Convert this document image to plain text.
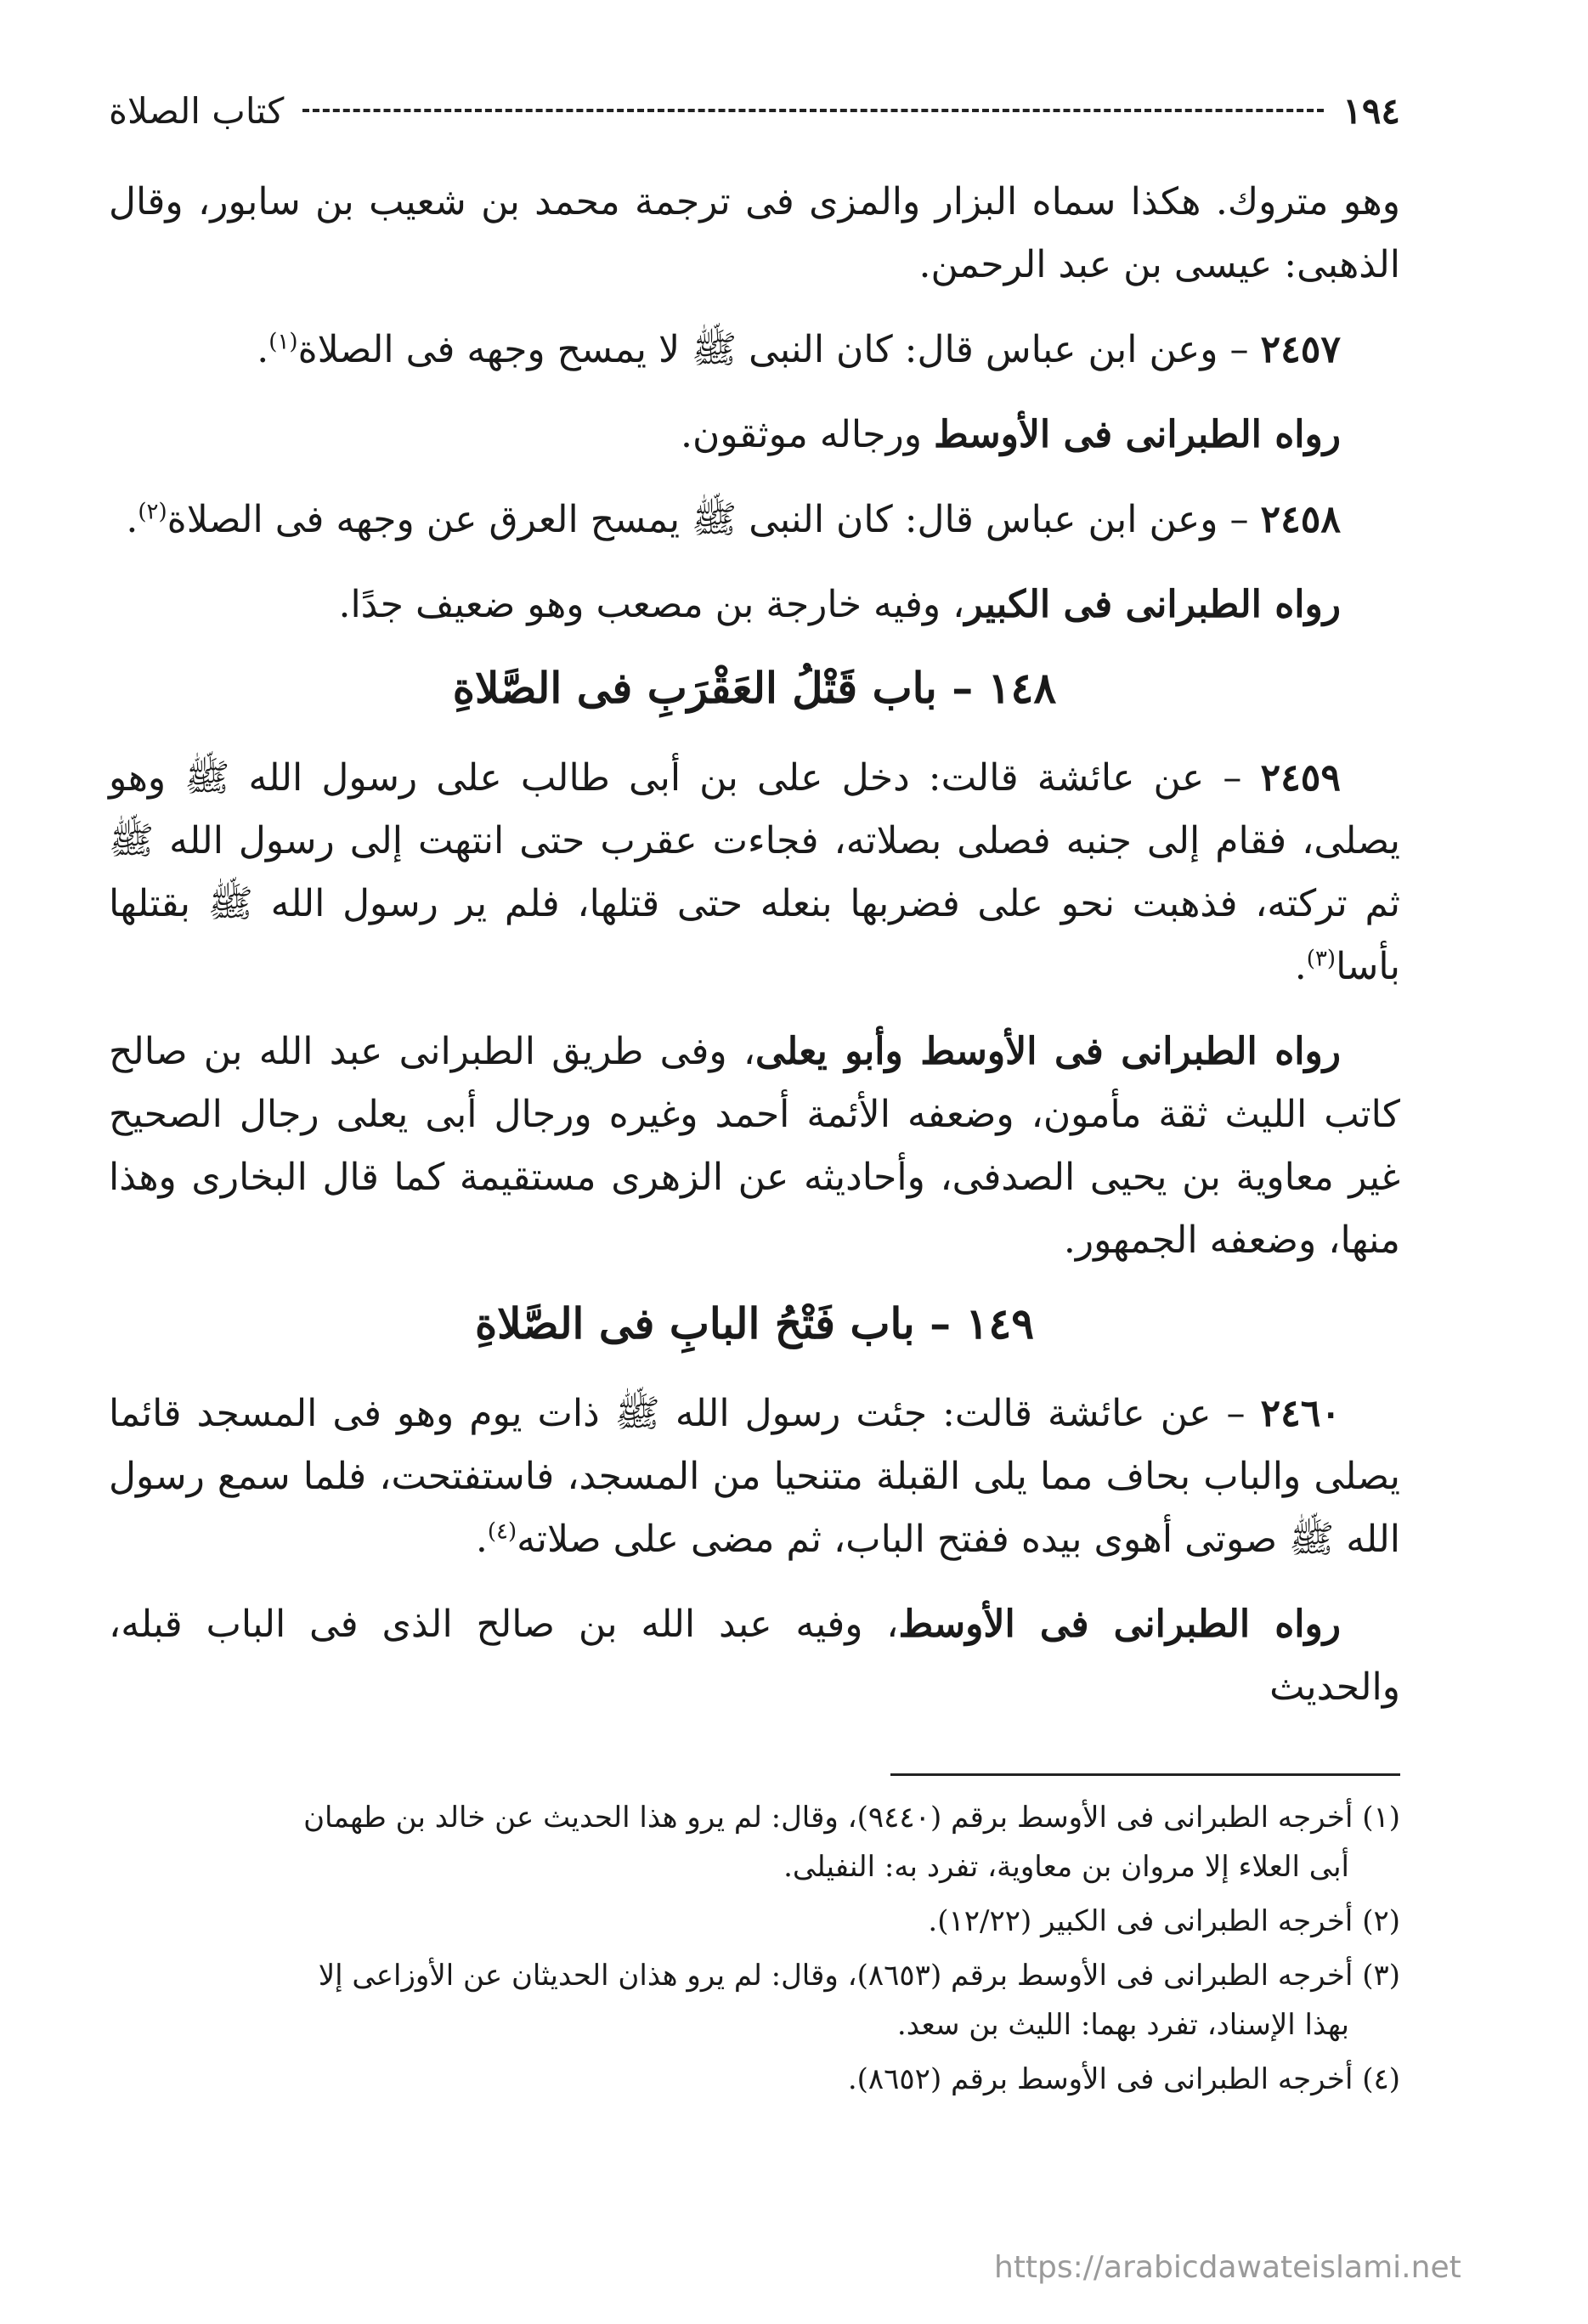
١٩٤
كتاب الصلاة

وهو متروك. هكذا سماه البزار والمزى فى ترجمة محمد بن شعيب بن سابور، وقال الذهبى: عيسى بن عبد الرحمن.

٢٤٥٧ – وعن ابن عباس قال: كان النبى ﷺ لا يمسح وجهه فى الصلاة$^{(١)}$.

رواه الطبرانى فى الأوسط ورجاله موثقون.

٢٤٥٨ – وعن ابن عباس قال: كان النبى ﷺ يمسح العرق عن وجهه فى الصلاة$^{(٢)}$.

رواه الطبرانى فى الكبير، وفيه خارجة بن مصعب وهو ضعيف جدًا.

١٤٨ – باب قَتْلُ العَقْرَبِ فى الصَّلاةِ

٢٤٥٩ – عن عائشة قالت: دخل على بن أبى طالب على رسول الله ﷺ وهو يصلى، فقام إلى جنبه فصلى بصلاته، فجاءت عقرب حتى انتهت إلى رسول الله ﷺ ثم تركته، فذهبت نحو على فضربها بنعله حتى قتلها، فلم ير رسول الله ﷺ بقتلها بأسا$^{(٣)}$.

رواه الطبرانى فى الأوسط وأبو يعلى، وفى طريق الطبرانى عبد الله بن صالح كاتب الليث ثقة مأمون، وضعفه الأئمة أحمد وغيره ورجال أبى يعلى رجال الصحيح غير معاوية بن يحيى الصدفى، وأحاديثه عن الزهرى مستقيمة كما قال البخارى وهذا منها، وضعفه الجمهور.

١٤٩ – باب فَتْحُ البابِ فى الصَّلاةِ

٢٤٦٠ – عن عائشة قالت: جئت رسول الله ﷺ ذات يوم وهو فى المسجد قائما يصلى والباب بحاف مما يلى القبلة متنحيا من المسجد، فاستفتحت، فلما سمع رسول الله ﷺ صوتى أهوى بيده ففتح الباب، ثم مضى على صلاته$^{(٤)}$.

رواه الطبرانى فى الأوسط، وفيه عبد الله بن صالح الذى فى الباب قبله، والحديث

(١) أخرجه الطبرانى فى الأوسط برقم (٩٤٤٠)، وقال: لم يرو هذا الحديث عن خالد بن طهمان
أبى العلاء إلا مروان بن معاوية، تفرد به: النفيلى.

(٢) أخرجه الطبرانى فى الكبير (١٢/٢٢).

(٣) أخرجه الطبرانى فى الأوسط برقم (٨٦٥٣)، وقال: لم يرو هذان الحديثان عن الأوزاعى إلا
بهذا الإسناد، تفرد بهما: الليث بن سعد.

(٤) أخرجه الطبرانى فى الأوسط برقم (٨٦٥٢).

https://arabicdawateislami.net
